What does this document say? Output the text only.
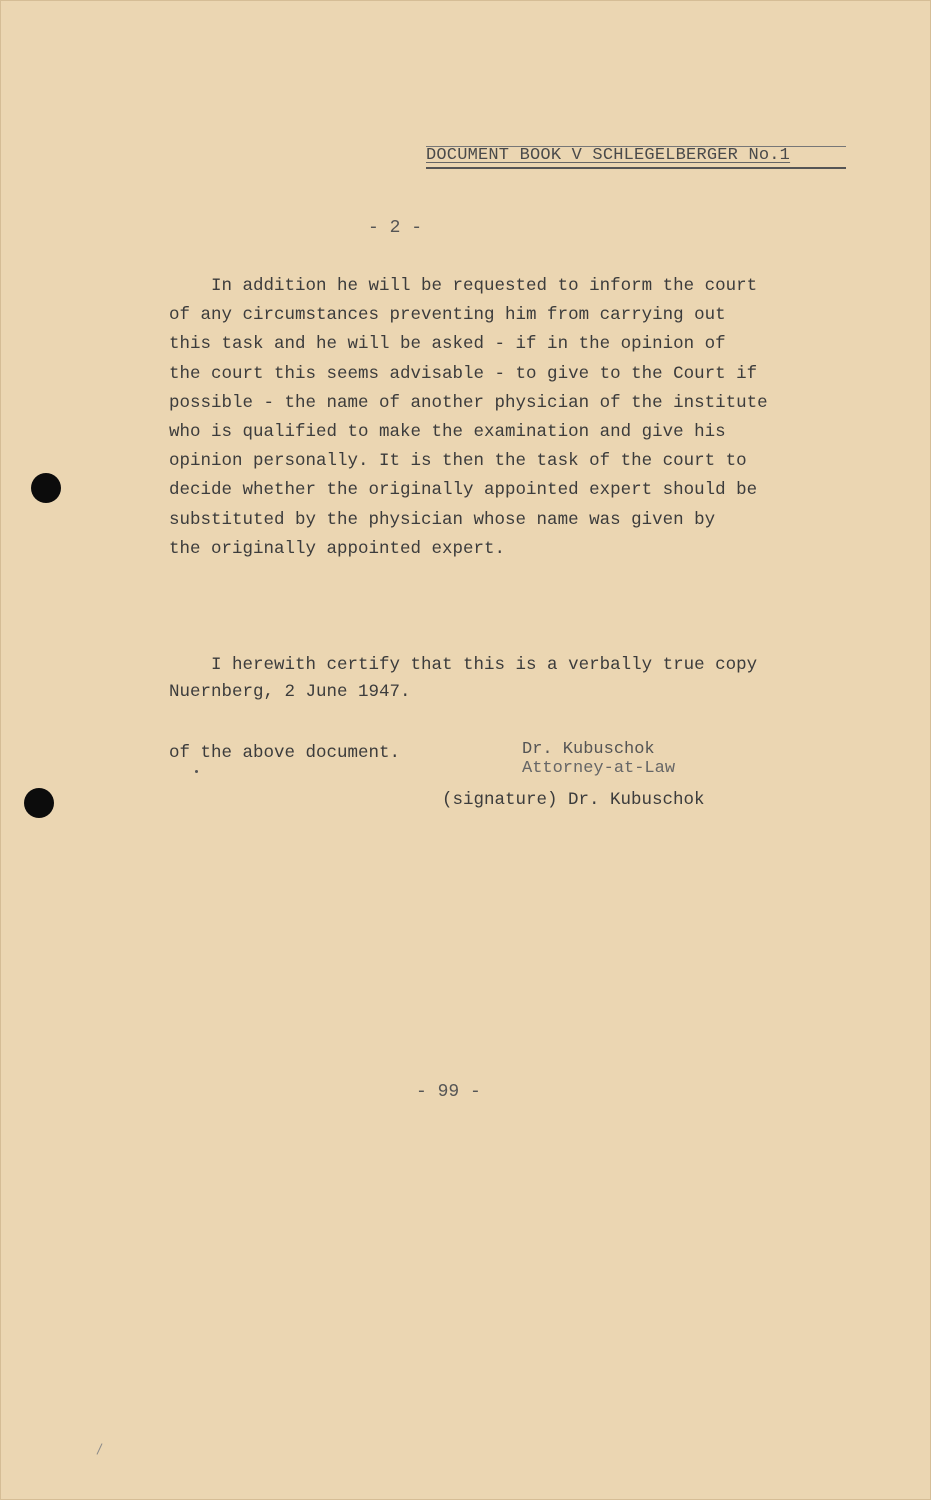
DOCUMENT BOOK V SCHLEGELBERGER No.1
- 2 -

In addition he will be requested to inform the court

of any circumstances preventing him from carrying out

this task and he will be asked - if in the opinion of

the court this seems advisable - to give to the Court if

possible - the name of another physician of the institute

who is qualified to make the examination and give his

opinion personally. It is then the task of the court to

decide whether the originally appointed expert should be

substituted by the physician whose name was given by

the originally appointed expert.

I herewith certify that this is a verbally true copy

of the above document.

Nuernberg, 2 June 1947.
Dr. Kubuschok
Attorney-at-Law
(signature) Dr. Kubuschok
- 99 -
